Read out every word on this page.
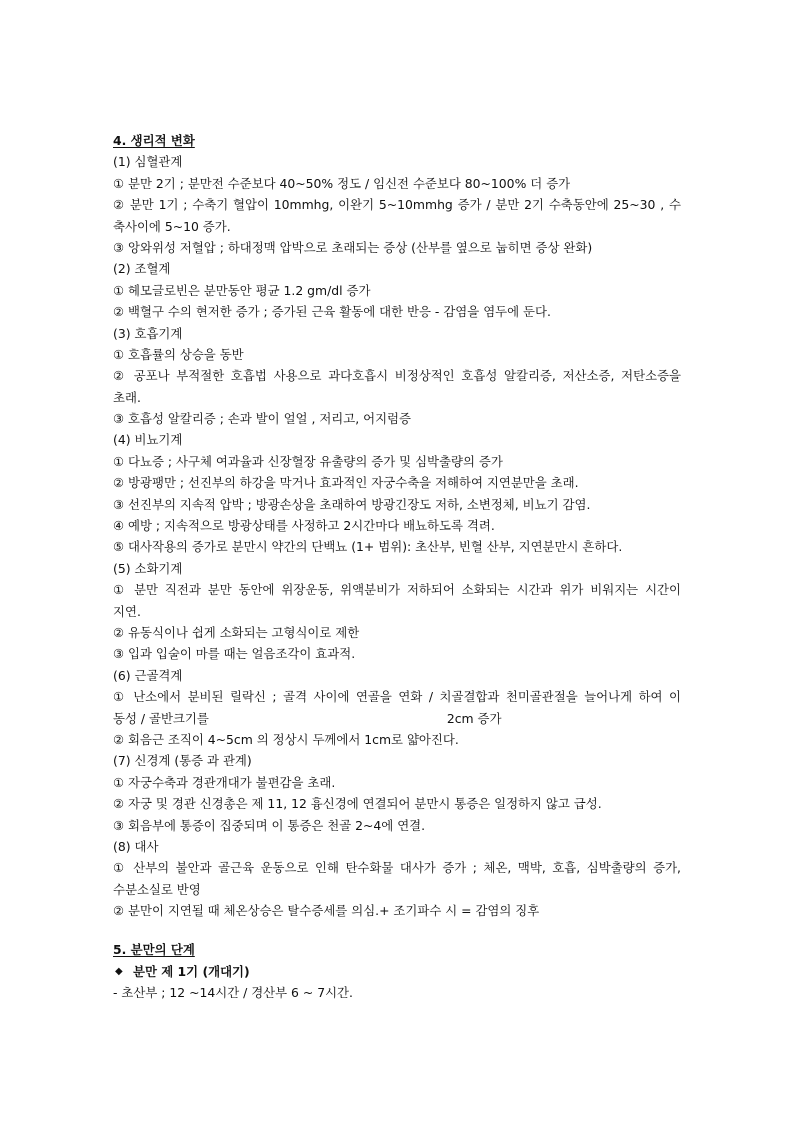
4. 생리적 변화
(1) 심혈관계
① 분만 2기 ; 분만전 수준보다 40~50% 정도 / 임신전 수준보다 80~100% 더 증가
② 분만 1기 ; 수축기 혈압이 10mmhg, 이완기 5~10mmhg 증가 / 분만 2기 수축동안에 25~30 , 수
축사이에 5~10 증가.
③ 앙와위성 저혈압 ; 하대정맥 압박으로 초래되는 증상 (산부를 옆으로 눕히면 증상 완화)
(2) 조혈계
① 헤모글로빈은 분만동안 평균 1.2 gm/dl 증가
② 백혈구 수의 현저한 증가 ; 증가된 근육 활동에 대한 반응 - 감염을 염두에 둔다.
(3) 호흡기계
① 호흡률의 상승을 동반
② 공포나 부적절한 호흡법 사용으로 과다호흡시 비정상적인 호흡성 알칼리증, 저산소증, 저탄소증을
초래.
③ 호흡성 알칼리증 ; 손과 발이 얼얼 , 저리고, 어지럼증
(4) 비뇨기계
① 다뇨증 ; 사구체 여과율과 신장혈장 유출량의 증가 및 심박출량의 증가
② 방광팽만 ; 선진부의 하강을 막거나 효과적인 자궁수축을 저해하여 지연분만을 초래.
③ 선진부의 지속적 압박 ; 방광손상을 초래하여 방광긴장도 저하, 소변정체, 비뇨기 감염.
④ 예방 ; 지속적으로 방광상태를 사정하고 2시간마다 배뇨하도록 격려.
⑤ 대사작용의 증가로 분만시 약간의 단백뇨 (1+ 범위): 초산부, 빈혈 산부, 지연분만시 흔하다.
(5) 소화기계
① 분만 직전과 분만 동안에 위장운동, 위액분비가 저하되어 소화되는 시간과 위가 비워지는 시간이
지연.
② 유동식이나 쉽게 소화되는 고형식이로 제한
③ 입과 입술이 마를 때는 얼음조각이 효과적.
(6) 근골격계
① 난소에서 분비된 릴락신 ; 골격 사이에 연골을 연화 / 치골결합과 천미골관절을 늘어나게 하여 이
동성 / 골반크기를	2cm 증가
② 회음근 조직이 4~5cm 의 정상시 두께에서 1cm로 얇아진다.
(7) 신경계 (통증 과 관계)
① 자궁수축과 경관개대가 불편감을 초래.
② 자궁 및 경관 신경총은 제 11, 12 흉신경에 연결되어 분만시 통증은 일정하지 않고 급성.
③ 회음부에 통증이 집중되며 이 통증은 천골 2~4에 연결.
(8) 대사
① 산부의 불안과 골근육 운동으로 인해 탄수화물 대사가 증가 ; 체온, 맥박, 호흡, 심박출량의 증가,
수분소실로 반영
② 분만이 지연될 때 체온상승은 탈수증세를 의심.+ 조기파수 시 = 감염의 징후
5. 분만의 단계
◆ 분만 제 1기 (개대기)
- 초산부 ; 12 ~14시간 / 경산부 6 ~ 7시간.
